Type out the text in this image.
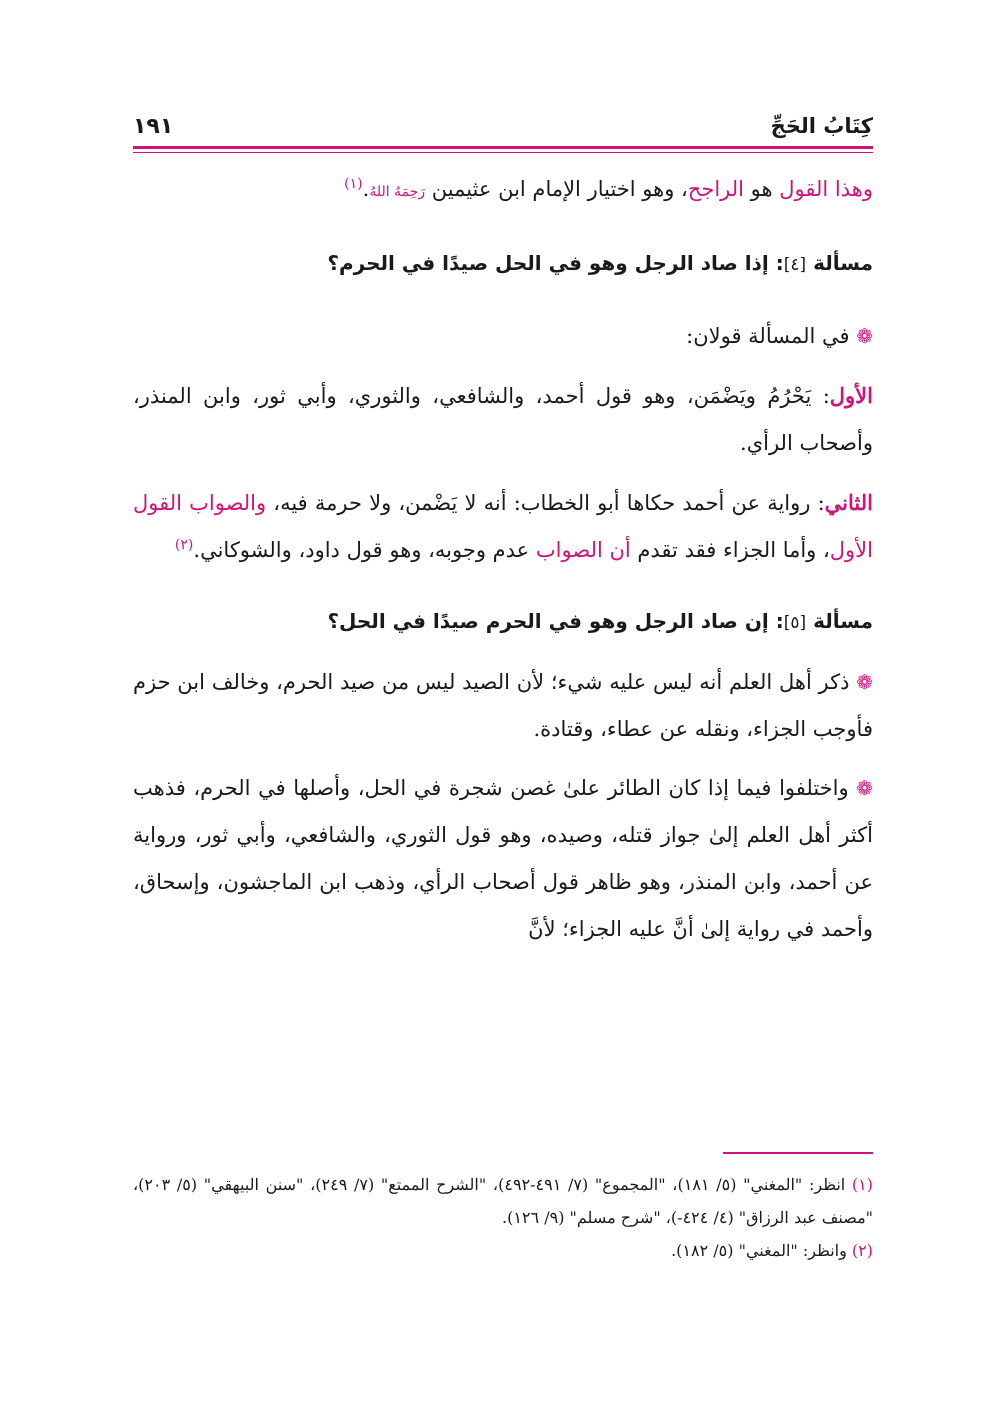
كِتَابُ الحَجِّ
١٩١

وهذا القول هو الراجح، وهو اختيار الإمام ابن عثيمين رَحِمَهُ اللهُ.$^{(١)}$

مسألة [٤]: إذا صاد الرجل وهو في الحل صيدًا في الحرم؟

❁ في المسألة قولان:

الأول: يَحْرُمُ ويَضْمَن، وهو قول أحمد، والشافعي، والثوري، وأبي ثور، وابن المنذر، وأصحاب الرأي.

الثاني: رواية عن أحمد حكاها أبو الخطاب: أنه لا يَضْمن، ولا حرمة فيه، والصواب القول الأول، وأما الجزاء فقد تقدم أن الصواب عدم وجوبه، وهو قول داود، والشوكاني.$^{(٢)}$

مسألة [٥]: إن صاد الرجل وهو في الحرم صيدًا في الحل؟

❁ ذكر أهل العلم أنه ليس عليه شيء؛ لأن الصيد ليس من صيد الحرم، وخالف ابن حزم فأوجب الجزاء، ونقله عن عطاء، وقتادة.

❁ واختلفوا فيما إذا كان الطائر علىٰ غصن شجرة في الحل، وأصلها في الحرم، فذهب أكثر أهل العلم إلىٰ جواز قتله، وصيده، وهو قول الثوري، والشافعي، وأبي ثور، ورواية عن أحمد، وابن المنذر، وهو ظاهر قول أصحاب الرأي، وذهب ابن الماجشون، وإسحاق، وأحمد في رواية إلىٰ أنَّ عليه الجزاء؛ لأنَّ

(١) انظر: "المغني" (٥/ ١٨١)، "المجموع" (٧/ ٤٩١-٤٩٢)، "الشرح الممتع" (٧/ ٢٤٩)، "سنن البيهقي" (٥/ ٢٠٣)، "مصنف عبد الرزاق" (٤/ ٤٢٤-)، "شرح مسلم" (٩/ ١٢٦).

(٢) وانظر: "المغني" (٥/ ١٨٢).
